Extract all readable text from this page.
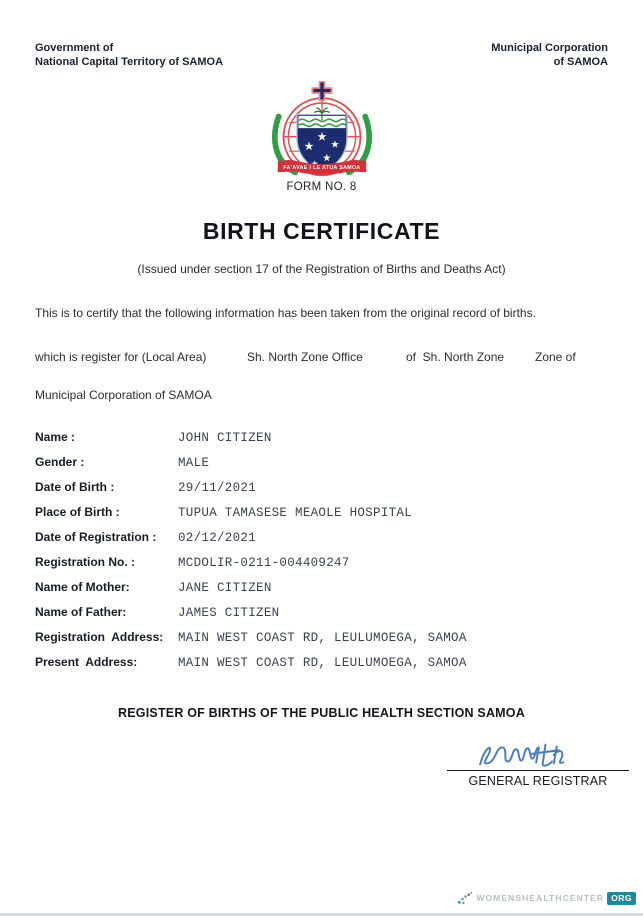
Government of
National Capital Territory of SAMOA
Municipal Corporation
of SAMOA
FA'AVAE I LE ATUA SAMOA
FORM NO. 8
BIRTH CERTIFICATE
(Issued under section 17 of the Registration of Births and Deaths Act)
This is to certify that the following information has been taken from the original record of births.

which is register for (Local Area)

	Sh. North Zone Office

	of  Sh. North Zone

	Zone of

Municipal Corporation of SAMOA
Name :	JOHN CITIZEN
Gender :	MALE
Date of Birth :	29/11/2021
Place of Birth :	TUPUA TAMASESE MEAOLE HOSPITAL
Date of Registration :	02/12/2021
Registration No. :	MCDOLIR-0211-004409247
Name of Mother:	JANE CITIZEN
Name of Father:	JAMES CITIZEN
Registration  Address:	MAIN WEST COAST RD, LEULUMOEGA, SAMOA
Present  Address:	MAIN WEST COAST RD, LEULUMOEGA, SAMOA
REGISTER OF BIRTHS OF THE PUBLIC HEALTH SECTION SAMOA
GENERAL REGISTRAR
WOMENSHEALTHCENTER ORG
